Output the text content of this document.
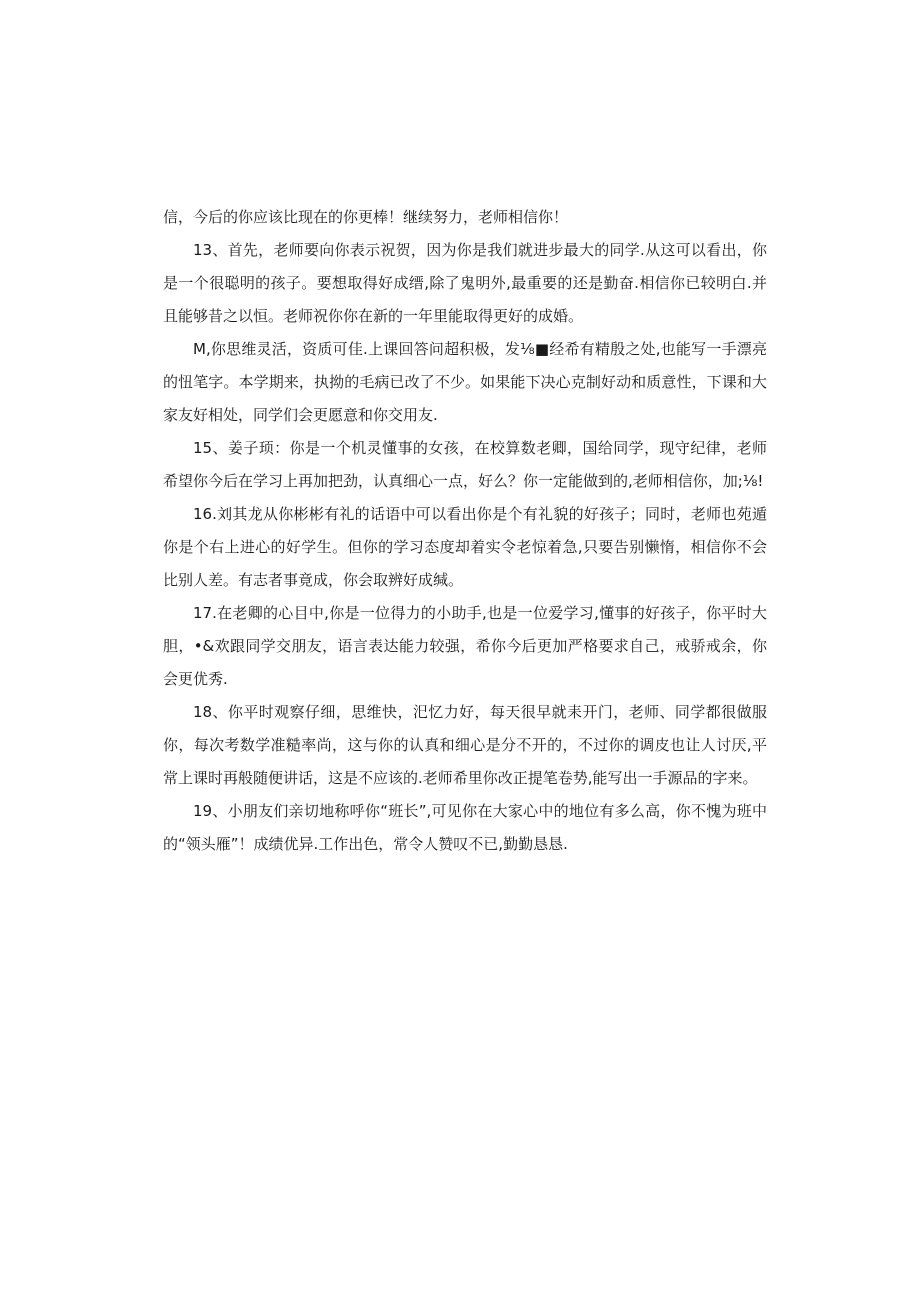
信，今后的你应该比现在的你更棒！继续努力，老师相信你！

13、首先，老师要向你表示祝贺，因为你是我们就进步最大的同学.从这可以看出，你是一个很聪明的孩子。要想取得好成缙,除了鬼明外,最重要的还是勤奋.相信你已较明白.并且能够昔之以恒。老师祝你你在新的一年里能取得更好的成婚。

M,你思维灵活，资质可佳.上课回答问超积极，发⅛■经希有精殷之处,也能写一手漂亮的忸笔字。本学期来，执拗的毛病已改了不少。如果能下决心克制好动和质意性，下课和大家友好相处，同学们会更愿意和你交用友.

15、姜子顼：你是一个机灵懂事的女孩，在校算数老卿，国给同学，现守纪律，老师希望你今后在学习上再加把劲，认真细心一点，好么？你一定能做到的,老师相信你，加;⅛!

16.刘其龙从你彬彬有礼的话语中可以看出你是个有礼貌的好孩子；同时，老师也苑遁你是个右上进心的好学生。但你的学习态度却着实令老惊着急,只要告别懒惰，相信你不会比别人差。有志者事竟成，你会取辨好成缄。

17.在老卿的心目中,你是一位得力的小助手,也是一位爱学习,懂事的好孩子，你平时大胆，•&欢跟同学交朋友，语言表达能力较强，希你今后更加严格要求自己，戒骄戒余，你会更优秀.

18、你平时观察仔细，思维快，汜忆力好，每天很早就耒开门，老师、同学都很做服你，每次考数学准糙率尚，这与你的认真和细心是分不开的，不过你的调皮也让人讨厌,平常上课时再般随便讲话，这是不应该的.老师希里你改正提笔卷势,能写出一手源品的字来。

19、小朋友们亲切地称呼你“班长”,可见你在大家心中的地位有多么高，你不愧为班中的“领头雁”！成绩优异.工作出色，常令人赞叹不已,勤勤恳恳.
